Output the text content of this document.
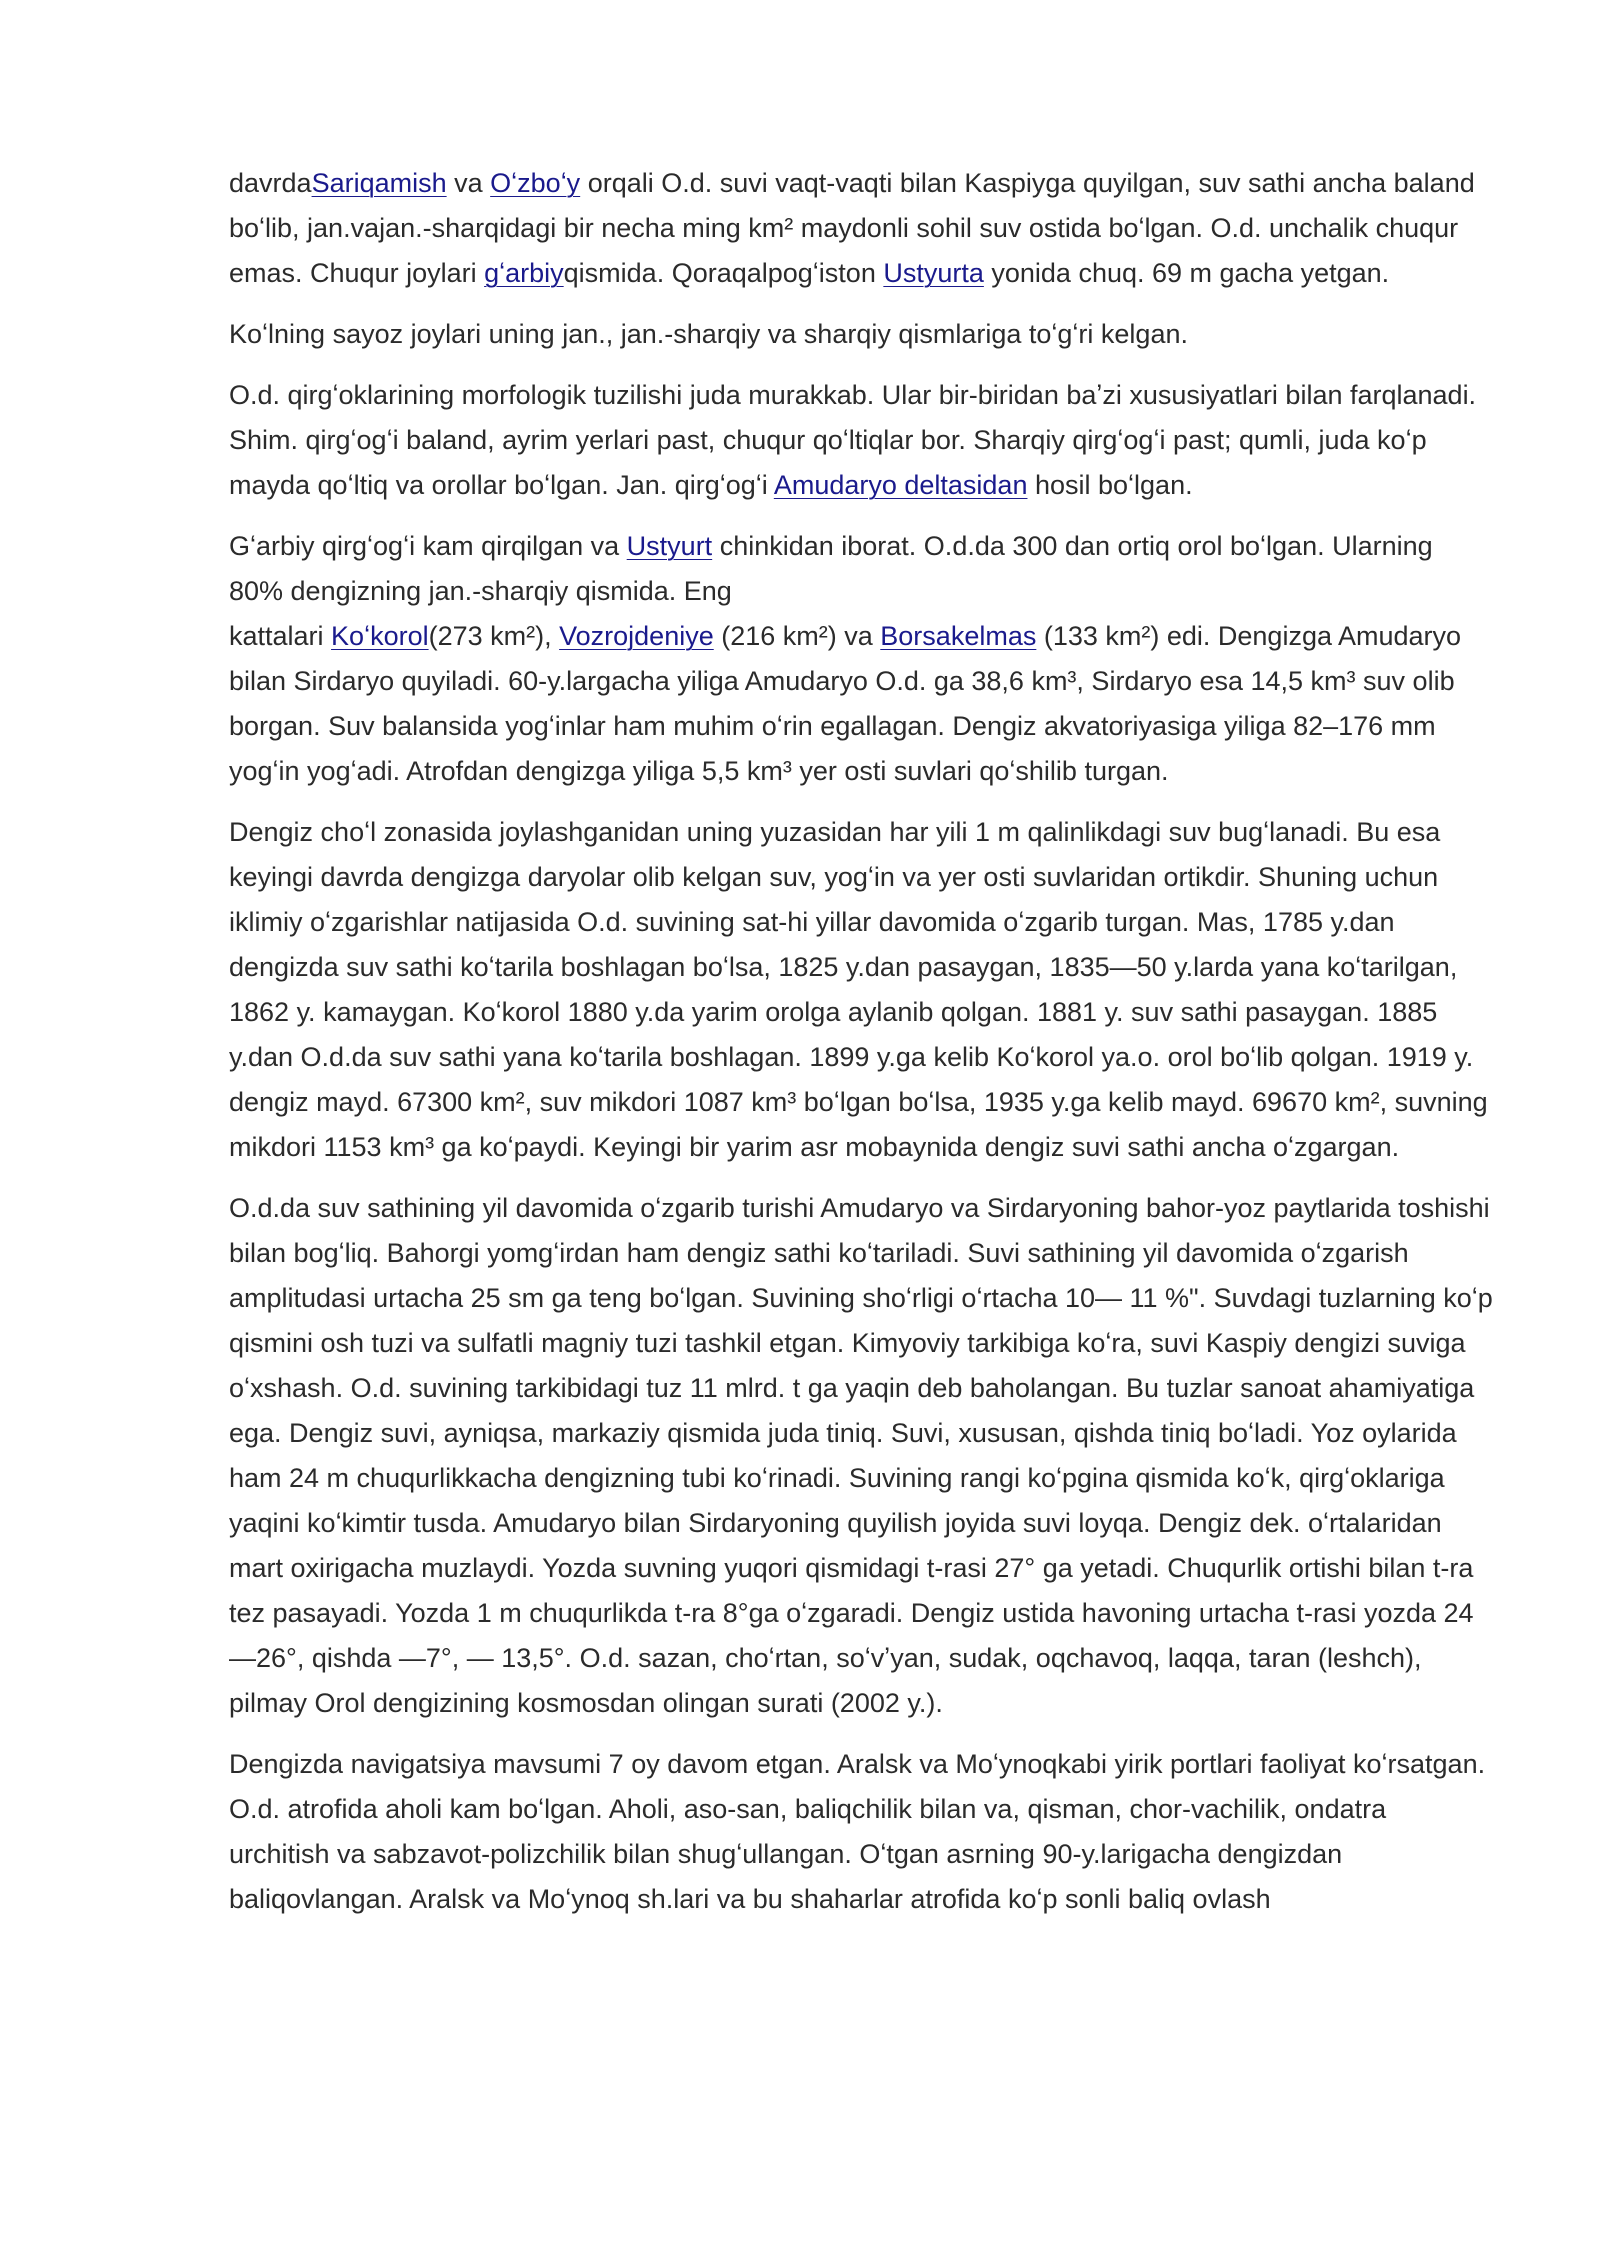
davrdaSariqamish va Oʻzboʻy orqali O.d. suvi vaqt-vaqti bilan Kaspiyga quyilgan, suv sathi ancha baland boʻlib, jan.vajan.-sharqidagi bir necha ming km² maydonli sohil suv ostida boʻlgan. O.d. unchalik chuqur emas. Chuqur joylari gʻarbiyqismida. Qoraqalpogʻiston Ustyurta yonida chuq. 69 m gacha yetgan.

Koʻlning sayoz joylari uning jan., jan.-sharqiy va sharqiy qismlariga toʻgʻri kelgan.

O.d. qirgʻoklarining morfologik tuzilishi juda murakkab. Ular bir-biridan baʼzi xususiyatlari bilan farqlanadi. Shim. qirgʻogʻi baland, ayrim yerlari past, chuqur qoʻltiqlar bor. Sharqiy qirgʻogʻi past; qumli, juda koʻp mayda qoʻltiq va orollar boʻlgan. Jan. qirgʻogʻi Amudaryo deltasidan hosil boʻlgan.

Gʻarbiy qirgʻogʻi kam qirqilgan va Ustyurt chinkidan iborat. O.d.da 300 dan ortiq orol boʻlgan. Ularning 80% dengizning jan.-sharqiy qismida. Eng
kattalari Koʻkorol(273 km²), Vozrojdeniye (216 km²) va Borsakelmas (133 km²) edi. Dengizga Amudaryo bilan Sirdaryo quyiladi. 60-y.largacha yiliga Amudaryo O.d. ga 38,6 km³, Sirdaryo esa 14,5 km³ suv olib borgan. Suv balansida yogʻinlar ham muhim oʻrin egallagan. Dengiz akvatoriyasiga yiliga 82–176 mm yogʻin yogʻadi. Atrofdan dengizga yiliga 5,5 km³ yer osti suvlari qoʻshilib turgan.

Dengiz choʻl zonasida joylashganidan uning yuzasidan har yili 1 m qalinlikdagi suv bugʻlanadi. Bu esa keyingi davrda dengizga daryolar olib kelgan suv, yogʻin va yer osti suvlaridan ortikdir. Shuning uchun iklimiy oʻzgarishlar natijasida O.d. suvining sat-hi yillar davomida oʻzgarib turgan. Mas, 1785 y.dan dengizda suv sathi koʻtarila boshlagan boʻlsa, 1825 y.dan pasaygan, 1835—50 y.larda yana koʻtarilgan, 1862 y. kamaygan. Koʻkorol 1880 y.da yarim orolga aylanib qolgan. 1881 y. suv sathi pasaygan. 1885 y.dan O.d.da suv sathi yana koʻtarila boshlagan. 1899 y.ga kelib Koʻkorol ya.o. orol boʻlib qolgan. 1919 y. dengiz mayd. 67300 km², suv mikdori 1087 km³ boʻlgan boʻlsa, 1935 y.ga kelib mayd. 69670 km², suvning mikdori 1153 km³ ga koʻpaydi. Keyingi bir yarim asr mobaynida dengiz suvi sathi ancha oʻzgargan.

O.d.da suv sathining yil davomida oʻzgarib turishi Amudaryo va Sirdaryoning bahor-yoz paytlarida toshishi bilan bogʻliq. Bahorgi yomgʻirdan ham dengiz sathi koʻtariladi. Suvi sathining yil davomida oʻzgarish amplitudasi urtacha 25 sm ga teng boʻlgan. Suvining shoʻrligi oʻrtacha 10— 11 %". Suvdagi tuzlarning koʻp qismini osh tuzi va sulfatli magniy tuzi tashkil etgan. Kimyoviy tarkibiga koʻra, suvi Kaspiy dengizi suviga oʻxshash. O.d. suvining tarkibidagi tuz 11 mlrd. t ga yaqin deb baholangan. Bu tuzlar sanoat ahamiyatiga ega. Dengiz suvi, ayniqsa, markaziy qismida juda tiniq. Suvi, xususan, qishda tiniq boʻladi. Yoz oylarida ham 24 m chuqurlikkacha dengizning tubi koʻrinadi. Suvining rangi koʻpgina qismida koʻk, qirgʻoklariga yaqini koʻkimtir tusda. Amudaryo bilan Sirdaryoning quyilish joyida suvi loyqa. Dengiz dek. oʻrtalaridan mart oxirigacha muzlaydi. Yozda suvning yuqori qismidagi t-rasi 27° ga yetadi. Chuqurlik ortishi bilan t-ra tez pasayadi. Yozda 1 m chuqurlikda t-ra 8°ga oʻzgaradi. Dengiz ustida havoning urtacha t-rasi yozda 24—26°, qishda —7°, — 13,5°. O.d. sazan, choʻrtan, soʻvʼyan, sudak, oqchavoq, laqqa, taran (leshch), pilmay Orol dengizining kosmosdan olingan surati (2002 y.).

Dengizda navigatsiya mavsumi 7 oy davom etgan. Aralsk va Moʻynoqkabi yirik portlari faoliyat koʻrsatgan. O.d. atrofida aholi kam boʻlgan. Aholi, aso-san, baliqchilik bilan va, qisman, chor-vachilik, ondatra urchitish va sabzavot-polizchilik bilan shugʻullangan. Oʻtgan asrning 90-y.larigacha dengizdan baliqovlangan. Aralsk va Moʻynoq sh.lari va bu shaharlar atrofida koʻp sonli baliq ovlash
